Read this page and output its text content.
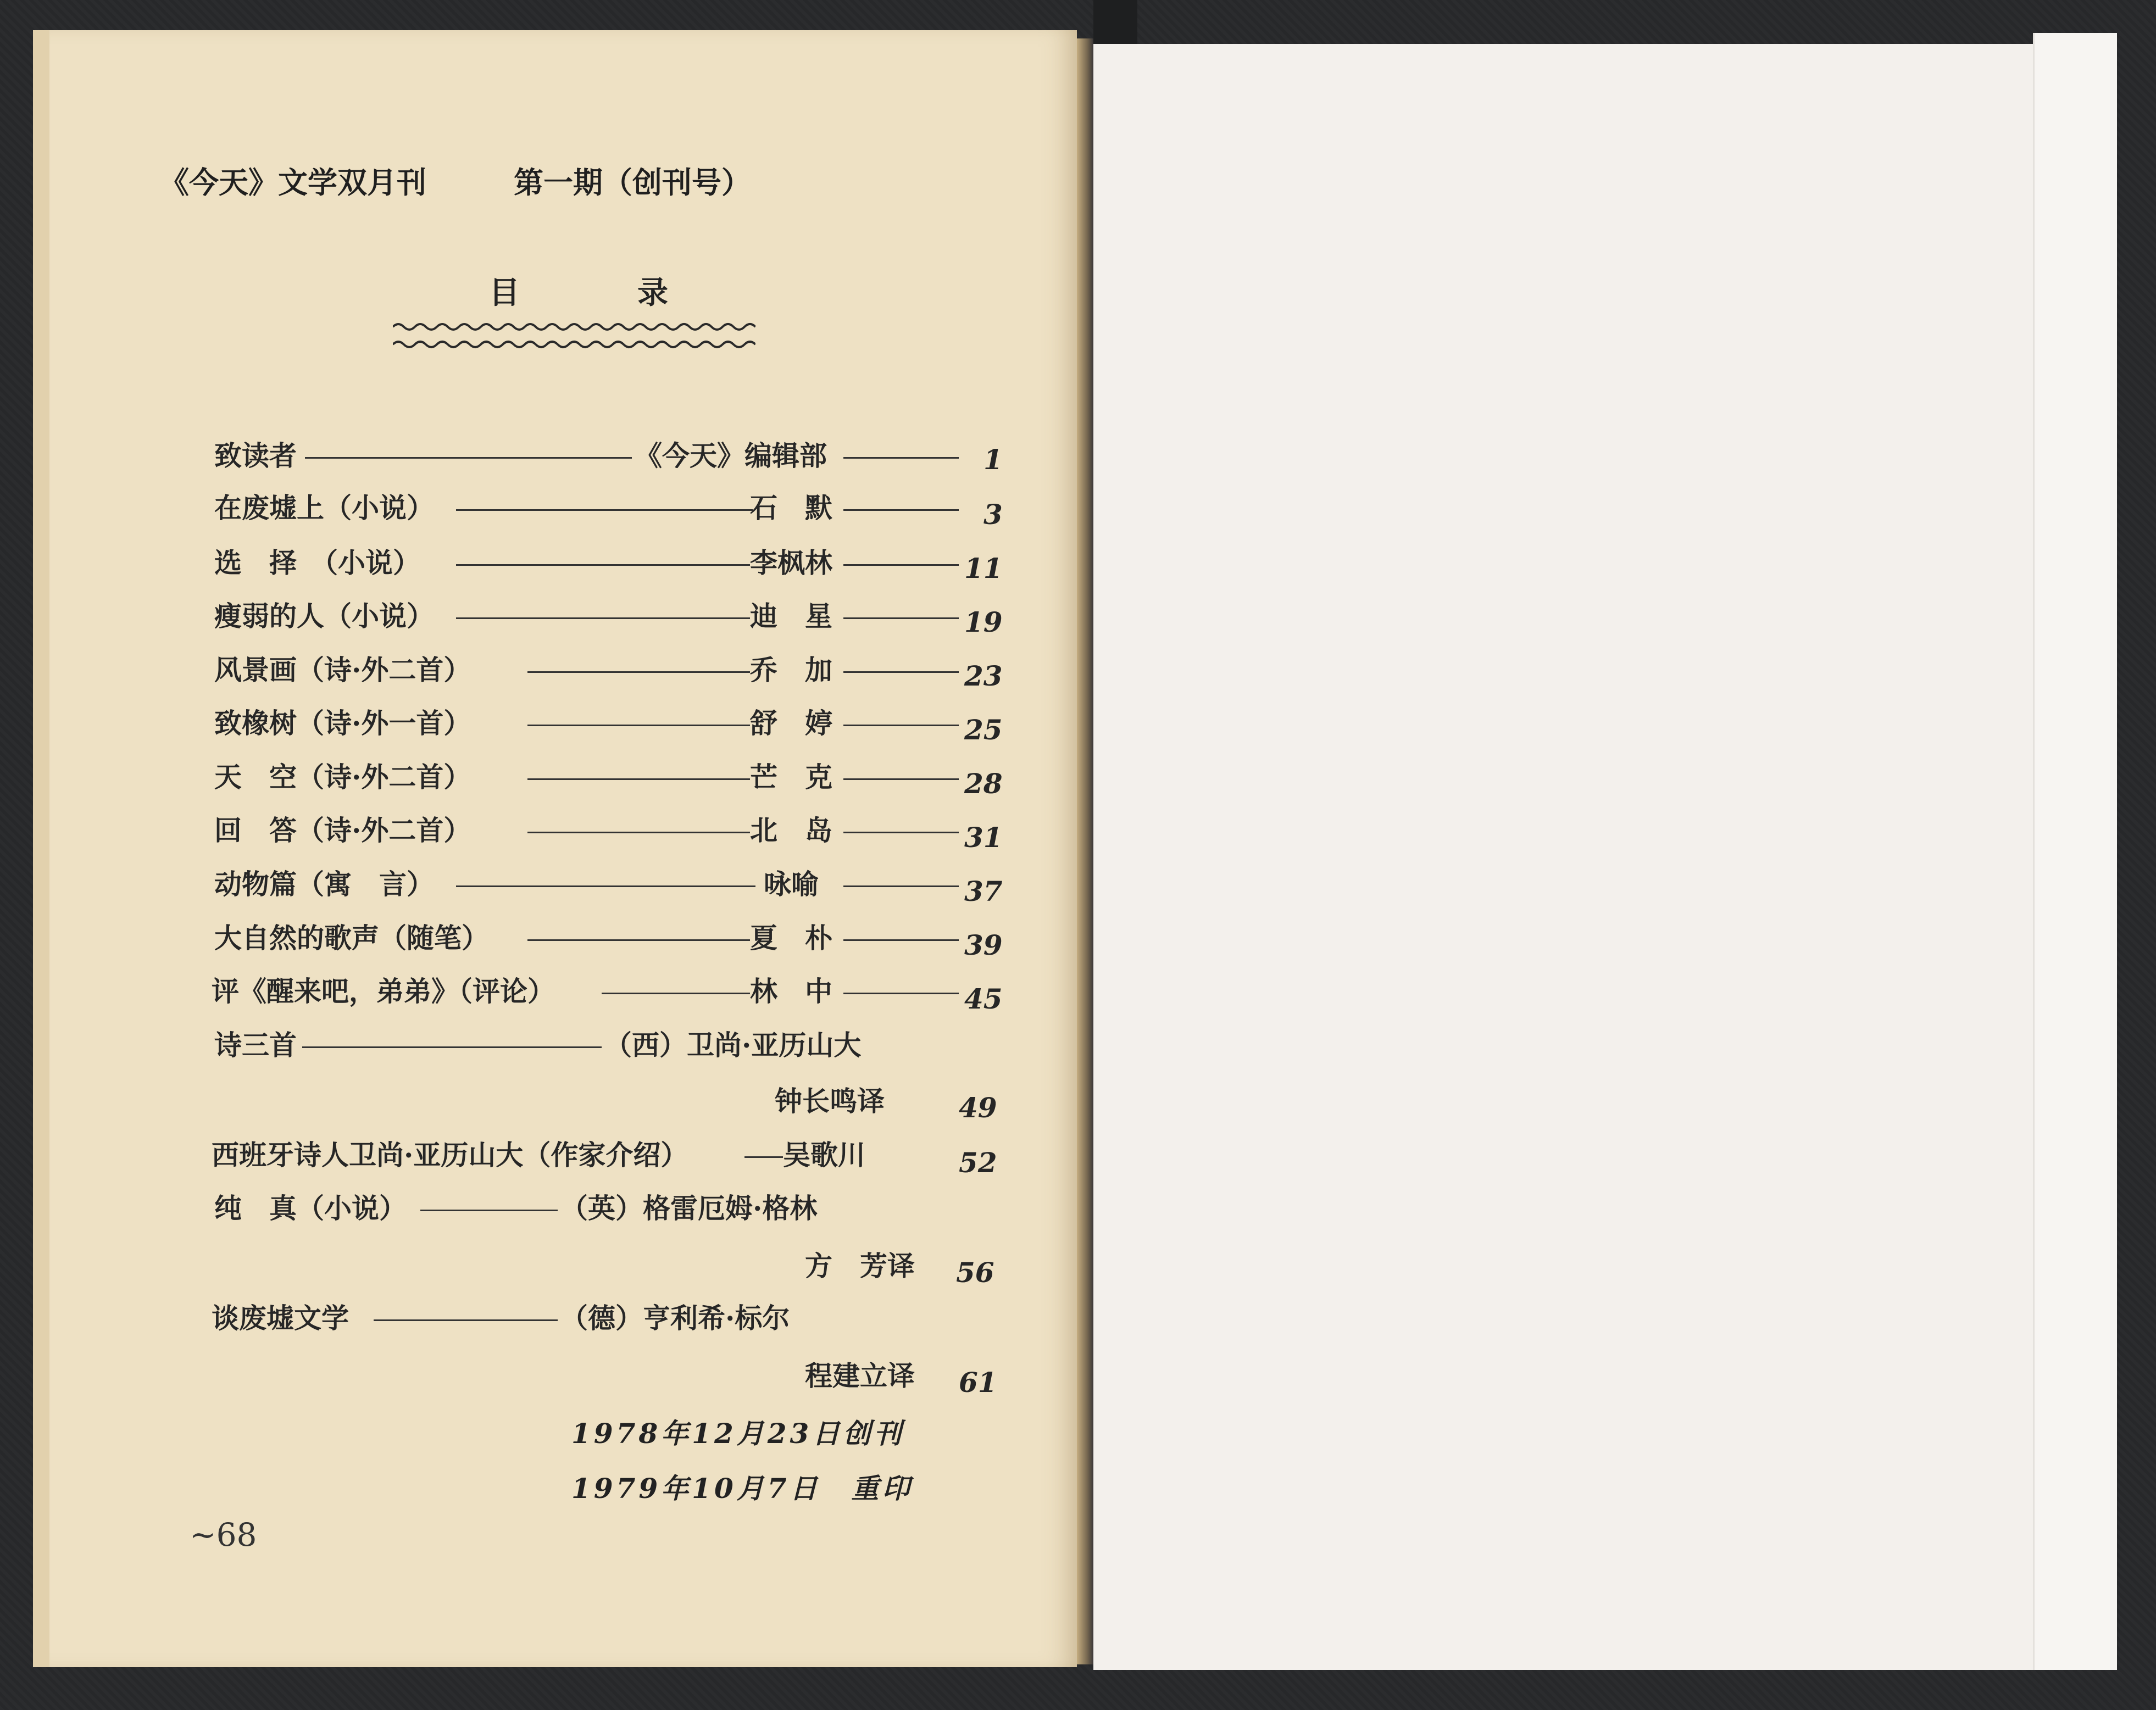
《今天》文学双月刊	第一期（创刊号）
目	录
致读者	《今天》编辑部	1
在废墟上（小说）	石　默	3
选　择　（小说）	李枫林	11
瘦弱的人（小说）	迪　星	19
风景画（诗·外二首）	乔　加	23
致橡树（诗·外一首）	舒　婷	25
天　空（诗·外二首）	芒　克	28
回　答（诗·外二首）	北　岛	31
动物篇（寓　言）	咏喻	37
大自然的歌声（随笔）	夏　朴	39
评《醒来吧，弟弟》（评论）	林　中	45
诗三首	（西）卫尚·亚历山大
钟长鸣译	49
西班牙诗人卫尚·亚历山大（作家介绍）	吴歌川	52
纯　真（小说）	（英）格雷厄姆·格林
方　芳译 56
谈废墟文学	（德）亨利希·标尔
程建立译 61
1978年12月23日创刊
1979年10月7日　重印
~68
